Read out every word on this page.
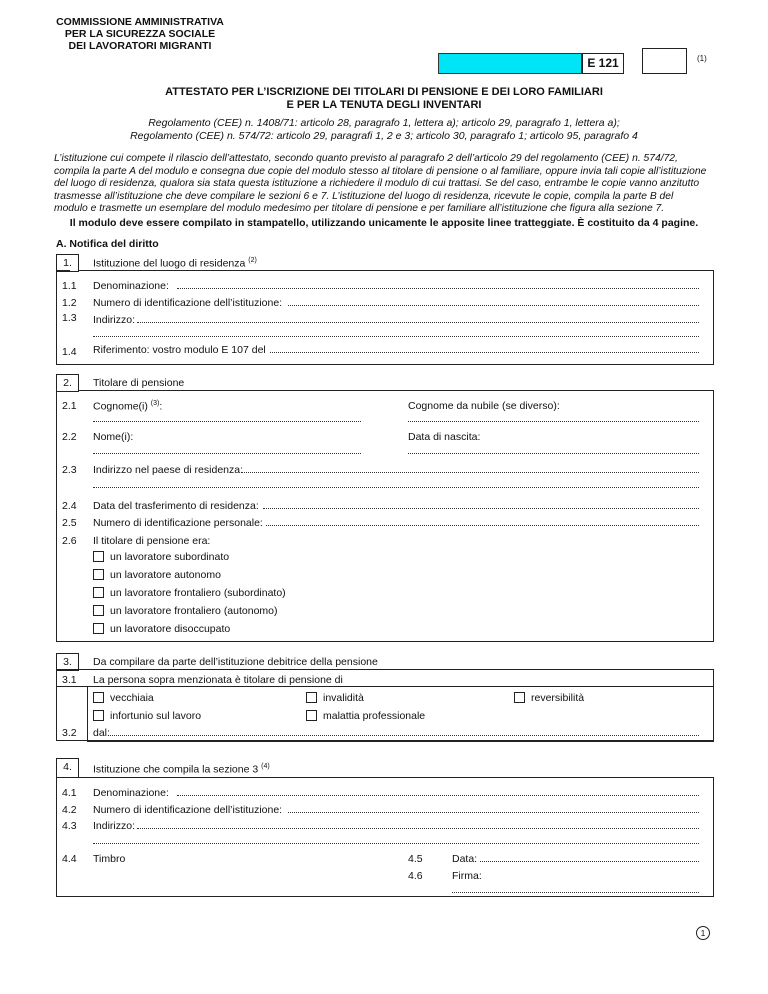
COMMISSIONE AMMINISTRATIVA
PER LA SICUREZZA SOCIALE
DEI LAVORATORI MIGRANTI
E 121	(1)
ATTESTATO PER L’ISCRIZIONE DEI TITOLARI DI PENSIONE E DEI LORO FAMILIARI
E PER LA TENUTA DEGLI INVENTARI
Regolamento (CEE) n. 1408/71: articolo 28, paragrafo 1, lettera a); articolo 29, paragrafo 1, lettera a);
Regolamento (CEE) n. 574/72: articolo 29, paragrafi 1, 2 e 3; articolo 30, paragrafo 1; articolo 95, paragrafo 4
L’istituzione cui compete il rilascio dell’attestato, secondo quanto previsto al paragrafo 2 dell’articolo 29 del regolamento (CEE) n. 574/72,
compila la parte A del modulo e consegna due copie del modulo stesso al titolare di pensione o al familiare, oppure invia tali copie all’istituzione
del luogo di residenza, qualora sia stata questa istituzione a richiedere il modulo di cui trattasi. Se del caso, entrambe le copie vanno anzitutto
trasmesse all’istituzione che deve compilare le sezioni 6 e 7. L’istituzione del luogo di residenza, ricevute le copie, compila la parte B del
modulo e trasmette un esemplare del modulo medesimo per titolare di pensione e per familiare all’istituzione che figura alla sezione 7.
Il modulo deve essere compilato in stampatello, utilizzando unicamente le apposite linee tratteggiate. È costituito da 4 pagine.
A. Notifica del diritto
1.	Istituzione del luogo di residenza $^{(2)}$
1.1 Denominazione:
1.2 Numero di identificazione dell’istituzione:
1.3 Indirizzo:
1.4 Riferimento: vostro modulo E 107 del
2.	Titolare di pensione
2.1 Cognome(i) $^{(3)}$:	Cognome da nubile (se diverso):
2.2 Nome(i):	Data di nascita:
2.3 Indirizzo nel paese di residenza:
2.4 Data del trasferimento di residenza:
2.5 Numero di identificazione personale:
2.6 Il titolare di pensione era:
un lavoratore subordinato
un lavoratore autonomo
un lavoratore frontaliero (subordinato)
un lavoratore frontaliero (autonomo)
un lavoratore disoccupato
3.	Da compilare da parte dell’istituzione debitrice della pensione
3.1 La persona sopra menzionata è titolare di pensione di
vecchiaia	invalidità	reversibilità
infortunio sul lavoro	malattia professionale
3.2 dal:
4.	Istituzione che compila la sezione 3 $^{(4)}$
4.1 Denominazione:
4.2 Numero di identificazione dell’istituzione:
4.3 Indirizzo:
4.4 Timbro	4.5	Data:
4.6	Firma:
1
